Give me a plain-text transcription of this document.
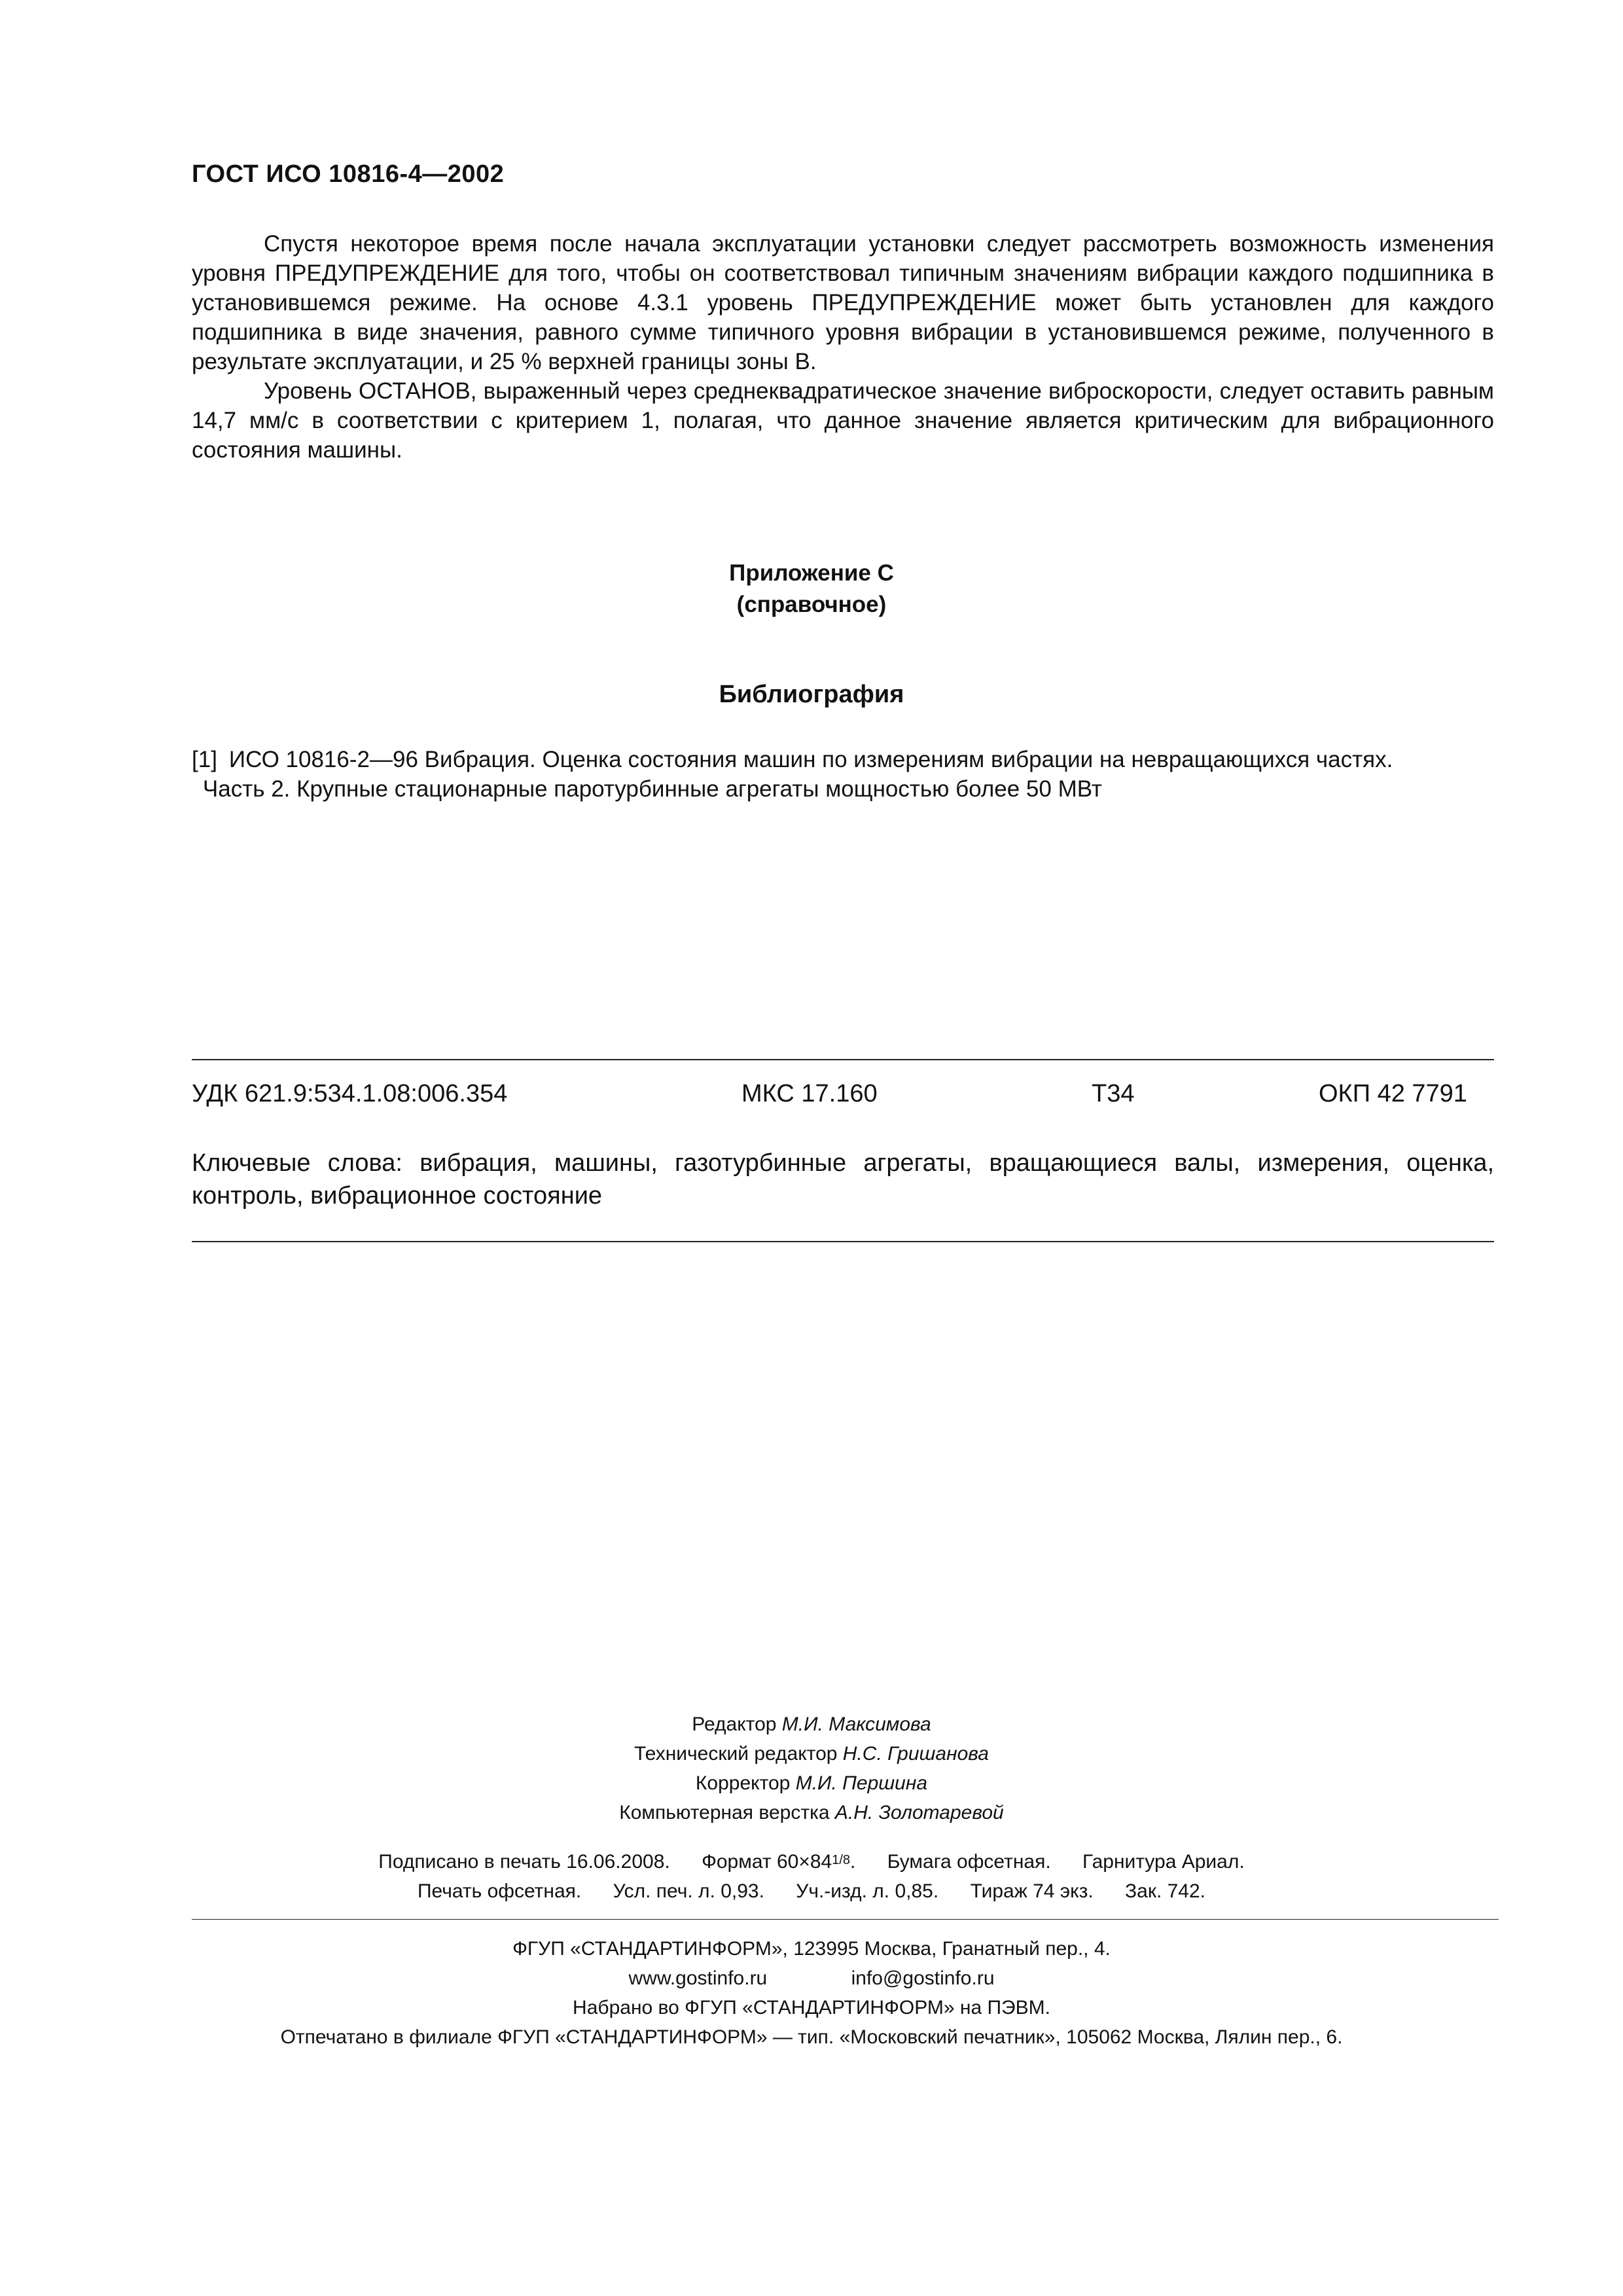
ГОСТ ИСО 10816-4—2002

Спустя некоторое время после начала эксплуатации установки следует рассмотреть возможность изменения уровня ПРЕДУПРЕЖДЕНИЕ для того, чтобы он соответствовал типичным значениям вибрации каждого подшипника в установившемся режиме. На основе 4.3.1 уровень ПРЕДУПРЕЖДЕНИЕ может быть установлен для каждого подшипника в виде значения, равного сумме типичного уровня вибрации в установившемся режиме, полученного в результате эксплуатации, и 25 % верхней границы зоны B.

Уровень ОСТАНОВ, выраженный через среднеквадратическое значение виброскорости, следует оставить равным 14,7 мм/с в соответствии с критерием 1, полагая, что данное значение является критическим для вибрационного состояния машины.

Приложение С
(справочное)
Библиография
[1] ИСО 10816-2—96 Вибрация. Оценка состояния машин по измерениям вибрации на невращающихся частях.
Часть 2. Крупные стационарные паротурбинные агрегаты мощностью более 50 МВт
УДК 621.9:534.1.08:006.354	МКС 17.160	Т34	ОКП 42 7791
Ключевые слова: вибрация, машины, газотурбинные агрегаты, вращающиеся валы, измерения, оценка, контроль, вибрационное состояние
Редактор М.И. Максимова
Технический редактор Н.С. Гришанова
Корректор М.И. Першина
Компьютерная верстка А.Н. Золотаревой
Подписано в печать 16.06.2008. Формат $60\times 84^{1/8}$. Бумага офсетная. Гарнитура Ариал.
Печать офсетная. Усл. печ. л. 0,93. Уч.-изд. л. 0,85. Тираж 74 экз. Зак. 742.
ФГУП «СТАНДАРТИНФОРМ», 123995 Москва, Гранатный пер., 4.
www.gostinfo.ru	info@gostinfo.ru
Набрано во ФГУП «СТАНДАРТИНФОРМ» на ПЭВМ.
Отпечатано в филиале ФГУП «СТАНДАРТИНФОРМ» — тип. «Московский печатник», 105062 Москва, Лялин пер., 6.
